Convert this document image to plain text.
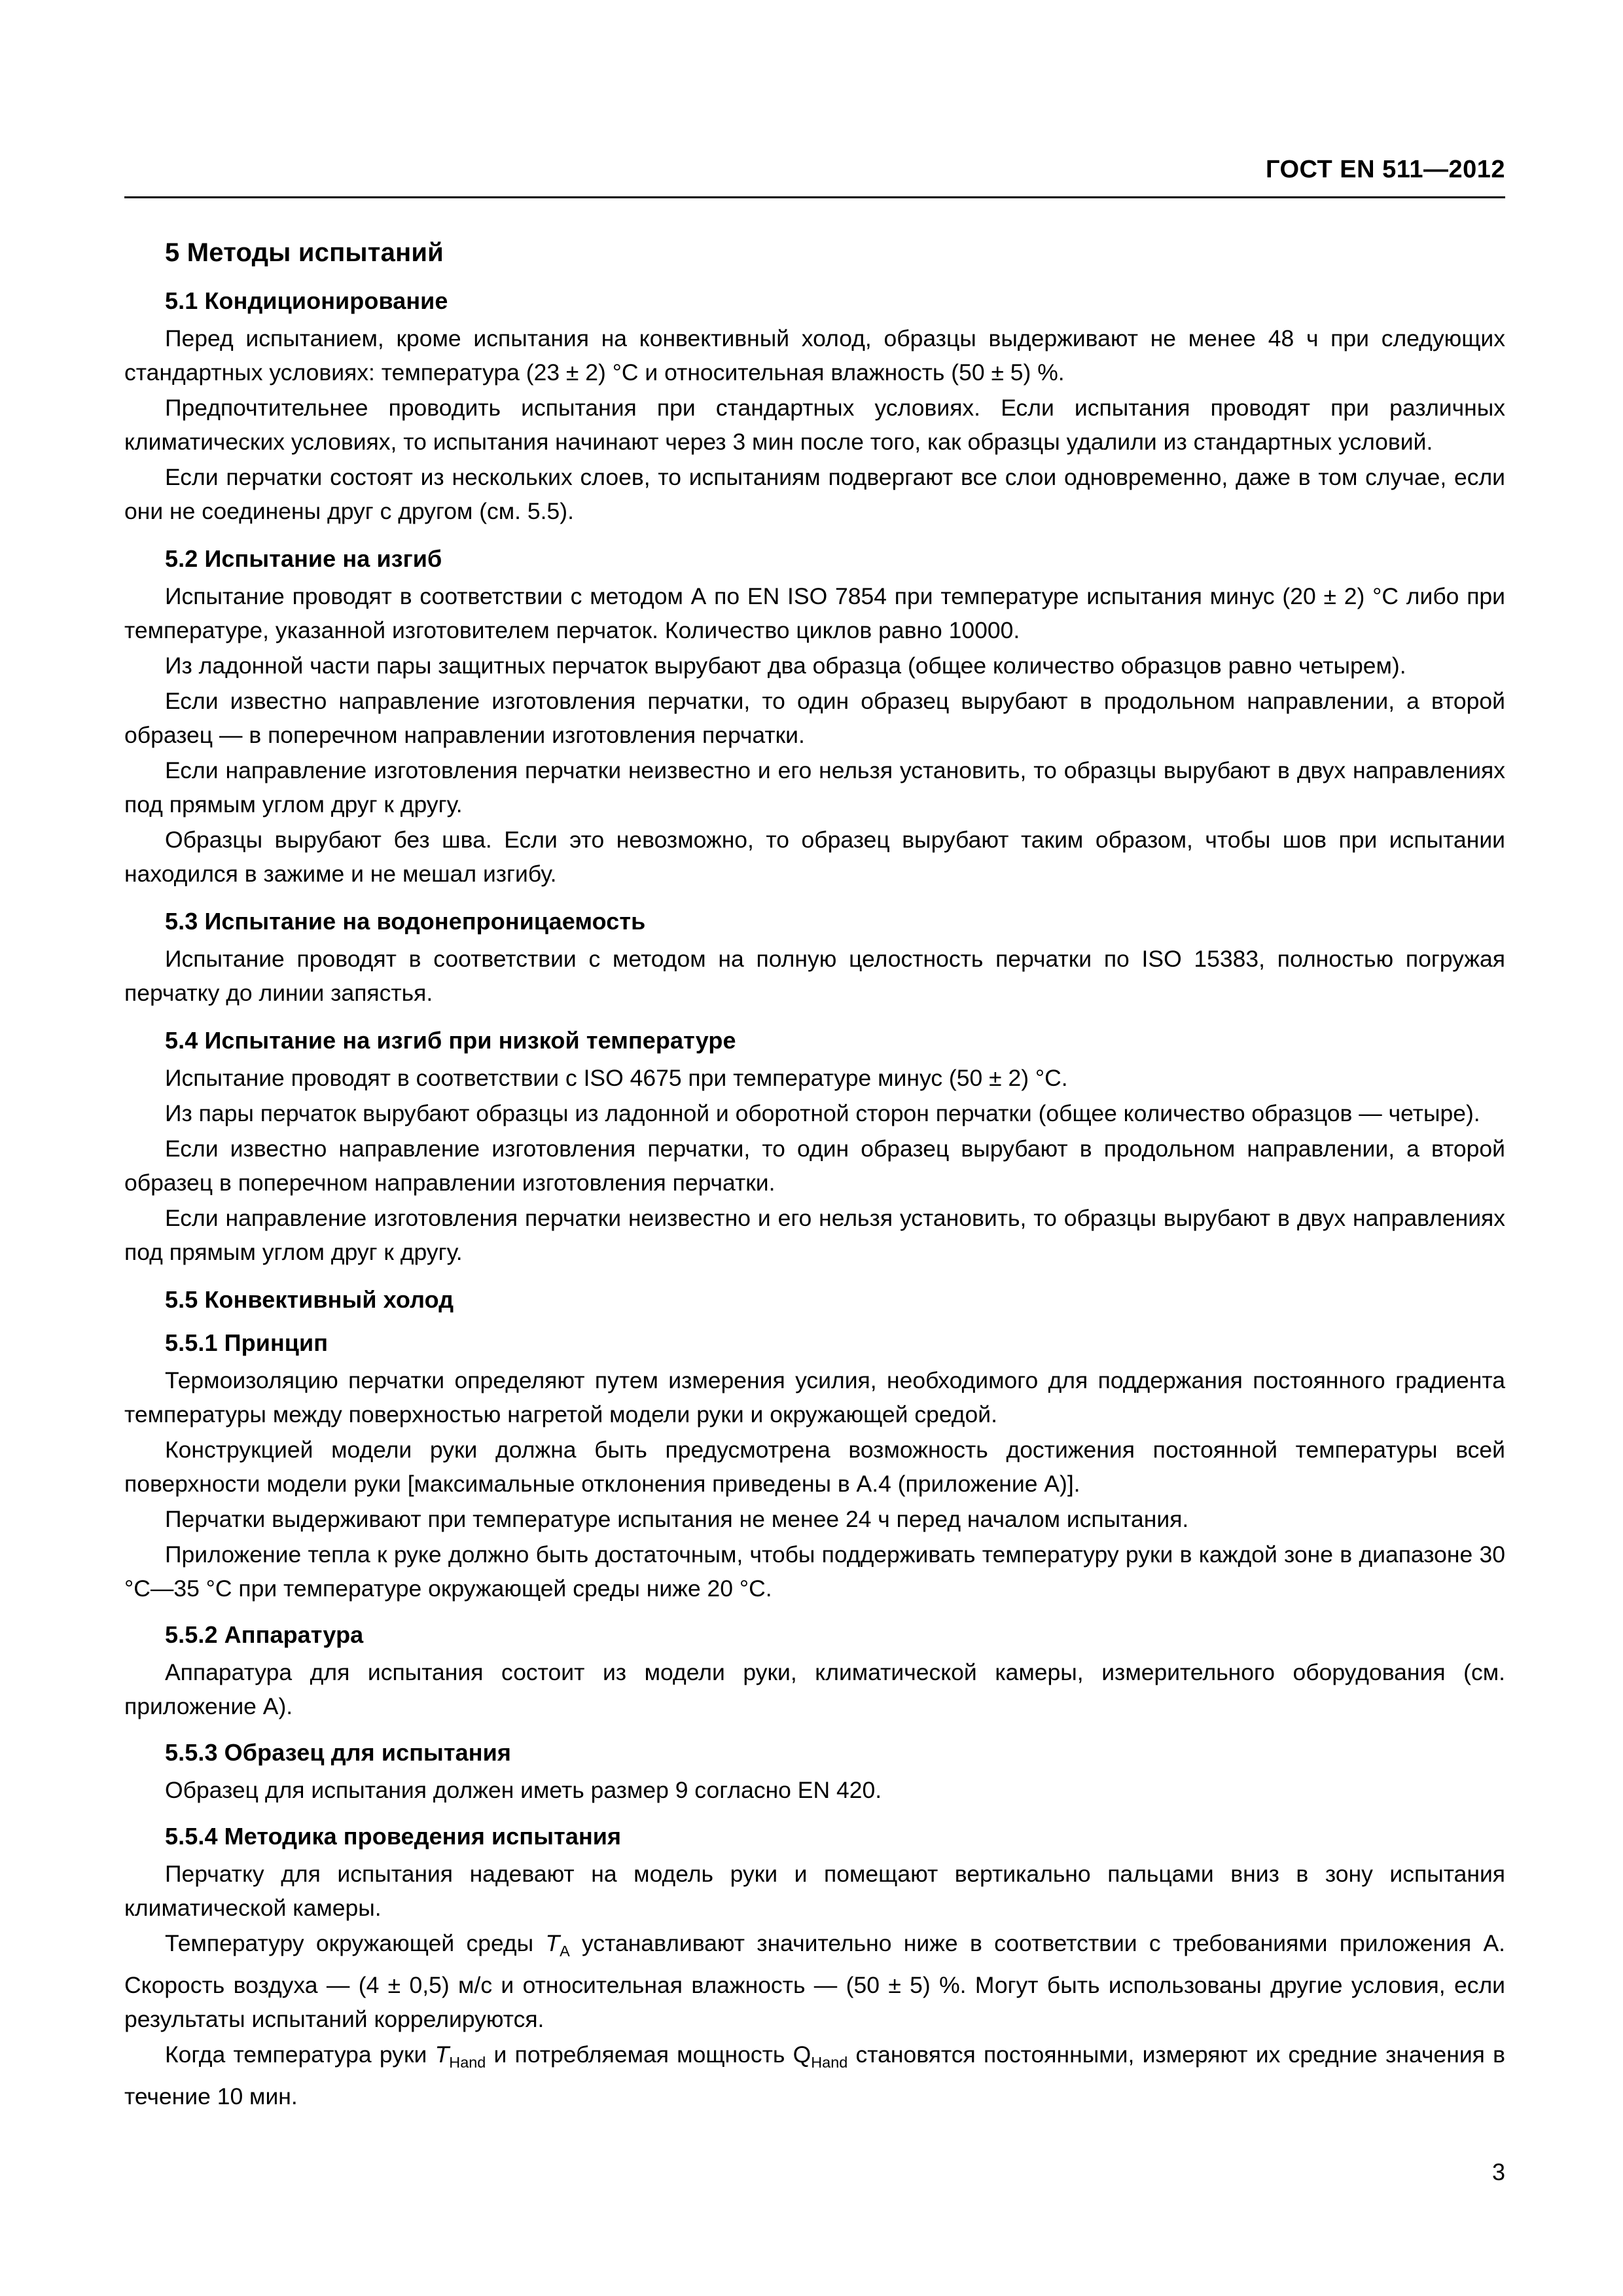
ГОСТ EN 511—2012
5 Методы испытаний
5.1 Кондиционирование

Перед испытанием, кроме испытания на конвективный холод, образцы выдерживают не менее 48 ч при следующих стандартных условиях: температура (23 ± 2) °С и относительная влажность (50 ± 5) %.

Предпочтительнее проводить испытания при стандартных условиях. Если испытания проводят при различных климатических условиях, то испытания начинают через 3 мин после того, как образцы удалили из стандартных условий.

Если перчатки состоят из нескольких слоев, то испытаниям подвергают все слои одновременно, даже в том случае, если они не соединены друг с другом (см. 5.5).

5.2 Испытание на изгиб

Испытание проводят в соответствии с методом А по EN ISO 7854 при температуре испытания минус (20 ± 2) °С либо при температуре, указанной изготовителем перчаток. Количество циклов равно 10000.

Из ладонной части пары защитных перчаток вырубают два образца (общее количество образцов равно четырем).

Если известно направление изготовления перчатки, то один образец вырубают в продольном направлении, а второй образец — в поперечном направлении изготовления перчатки.

Если направление изготовления перчатки неизвестно и его нельзя установить, то образцы вырубают в двух направлениях под прямым углом друг к другу.

Образцы вырубают без шва. Если это невозможно, то образец вырубают таким образом, чтобы шов при испытании находился в зажиме и не мешал изгибу.

5.3 Испытание на водонепроницаемость

Испытание проводят в соответствии с методом на полную целостность перчатки по ISO 15383, полностью погружая перчатку до линии запястья.

5.4 Испытание на изгиб при низкой температуре

Испытание проводят в соответствии с ISO 4675 при температуре минус (50 ± 2) °С.

Из пары перчаток вырубают образцы из ладонной и оборотной сторон перчатки (общее количество образцов — четыре).

Если известно направление изготовления перчатки, то один образец вырубают в продольном направлении, а второй образец в поперечном направлении изготовления перчатки.

Если направление изготовления перчатки неизвестно и его нельзя установить, то образцы вырубают в двух направлениях под прямым углом друг к другу.

5.5 Конвективный холод
5.5.1 Принцип

Термоизоляцию перчатки определяют путем измерения усилия, необходимого для поддержания постоянного градиента температуры между поверхностью нагретой модели руки и окружающей средой.

Конструкцией модели руки должна быть предусмотрена возможность достижения постоянной температуры всей поверхности модели руки [максимальные отклонения приведены в А.4 (приложение А)].

Перчатки выдерживают при температуре испытания не менее 24 ч перед началом испытания.

Приложение тепла к руке должно быть достаточным, чтобы поддерживать температуру руки в каждой зоне в диапазоне 30 °С—35 °С при температуре окружающей среды ниже 20 °С.

5.5.2 Аппаратура

Аппаратура для испытания состоит из модели руки, климатической камеры, измерительного оборудования (см. приложение А).

5.5.3 Образец для испытания

Образец для испытания должен иметь размер 9 согласно EN 420.

5.5.4 Методика проведения испытания

Перчатку для испытания надевают на модель руки и помещают вертикально пальцами вниз в зону испытания климатической камеры.

Температуру окружающей среды $T_A$ устанавливают значительно ниже в соответствии с требованиями приложения А. Скорость воздуха — (4 ± 0,5) м/с и относительная влажность — (50 ± 5) %. Могут быть использованы другие условия, если результаты испытаний коррелируются.

Когда температура руки $T_{Hand}$ и потребляемая мощность $Q_{Hand}$ становятся постоянными, измеряют их средние значения в течение 10 мин.

3
